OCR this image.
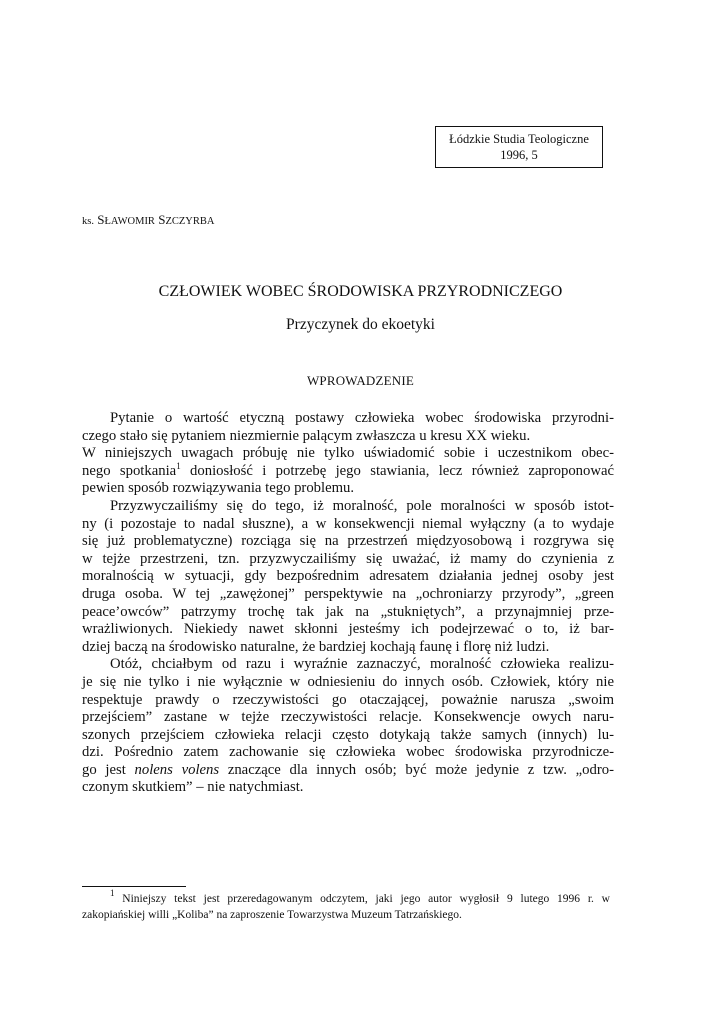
Łódzkie Studia Teologiczne
1996, 5
ks. SŁAWOMIR SZCZYRBA
CZŁOWIEK WOBEC ŚRODOWISKA PRZYRODNICZEGO
Przyczynek do ekoetyki
WPROWADZENIE
Pytanie o wartość etyczną postawy człowieka wobec środowiska przyrodni-
czego stało się pytaniem niezmiernie palącym zwłaszcza u kresu XX wieku.
W niniejszych uwagach próbuję nie tylko uświadomić sobie i uczestnikom obec-
nego spotkania$^1$ doniosłość i potrzebę jego stawiania, lecz również zaproponować
pewien sposób rozwiązywania tego problemu.
Przyzwyczailiśmy się do tego, iż moralność, pole moralności w sposób istot-
ny (i pozostaje to nadal słuszne), a w konsekwencji niemal wyłączny (a to wydaje
się już problematyczne) rozciąga się na przestrzeń międzyosobową i rozgrywa się
w tejże przestrzeni, tzn. przyzwyczailiśmy się uważać, iż mamy do czynienia z
moralnością w sytuacji, gdy bezpośrednim adresatem działania jednej osoby jest
druga osoba. W tej „zawężonej” perspektywie na „ochroniarzy przyrody”, „green
peace’owców” patrzymy trochę tak jak na „stukniętych”, a przynajmniej prze-
wrażliwionych. Niekiedy nawet skłonni jesteśmy ich podejrzewać o to, iż bar-
dziej baczą na środowisko naturalne, że bardziej kochają faunę i florę niż ludzi.
Otóż, chciałbym od razu i wyraźnie zaznaczyć, moralność człowieka realizu-
je się nie tylko i nie wyłącznie w odniesieniu do innych osób. Człowiek, który nie
respektuje prawdy o rzeczywistości go otaczającej, poważnie narusza „swoim
przejściem” zastane w tejże rzeczywistości relacje. Konsekwencje owych naru-
szonych przejściem człowieka relacji często dotykają także samych (innych) lu-
dzi. Pośrednio zatem zachowanie się człowieka wobec środowiska przyrodnicze-
go jest nolens volens znaczące dla innych osób; być może jedynie z tzw. „odro-
czonym skutkiem” – nie natychmiast.
$^1$ Niniejszy tekst jest przeredagowanym odczytem, jaki jego autor wygłosił 9 lutego 1996 r. w
zakopiańskiej willi „Koliba” na zaproszenie Towarzystwa Muzeum Tatrzańskiego.
